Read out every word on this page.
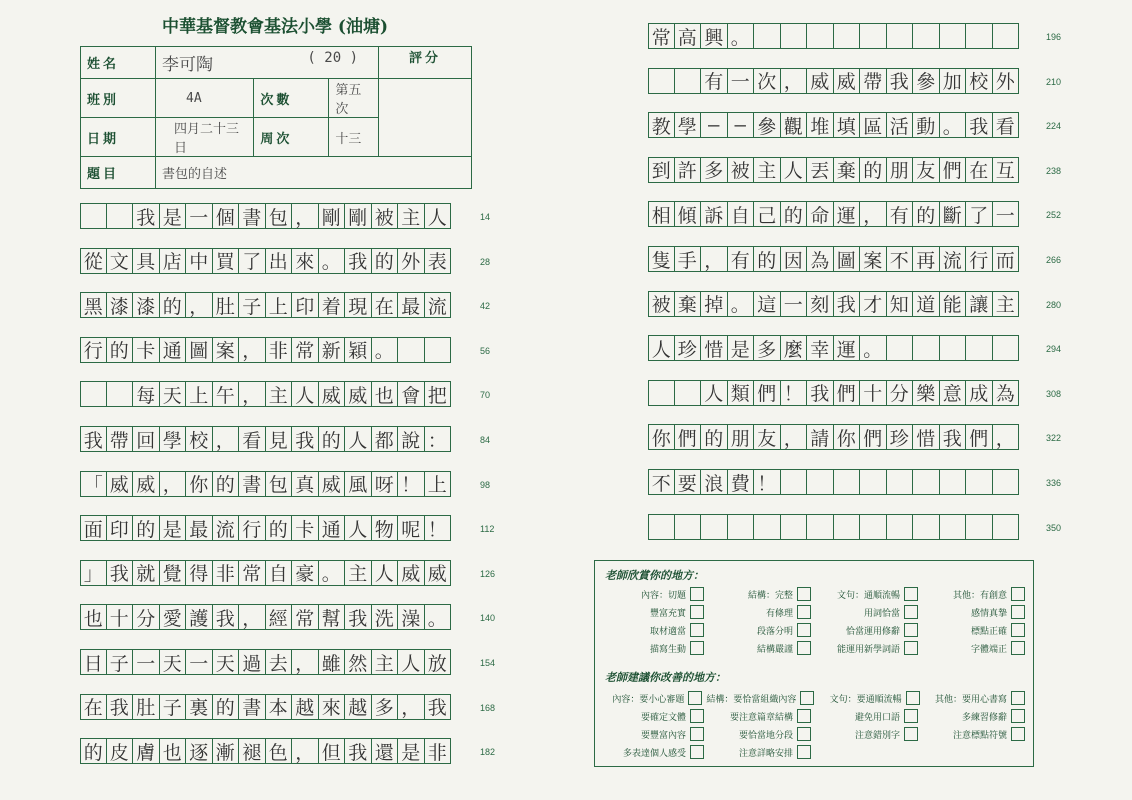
中華基督教會基法小學 (油塘)
姓名	李可陶 ( 20 )			評分
班別	4A	次數	第五次	
日期	四月二十三日	周次	十三	
題目	書包的自述			
我 是 一 個 書 包 ， 剛 剛 被 主 人	14
從 文 具 店 中 買 了 出 來 。 我 的 外 表	28
黑 漆 漆 的 ， 肚 子 上 印 着 現 在 最 流	42
行 的 卡 通 圖 案 ， 非 常 新 穎 。	56
每 天 上 午 ， 主 人 威 威 也 會 把	70
我 帶 回 學 校 ， 看 見 我 的 人 都 說 ：	84
「 威 威 ， 你 的 書 包 真 威 風 呀 ！ 上	98
面 印 的 是 最 流 行 的 卡 通 人 物 呢 ！	112
」 我 就 覺 得 非 常 自 豪 。 主 人 威 威	126
也 十 分 愛 護 我 ， 經 常 幫 我 洗 澡 。	140
日 子 一 天 一 天 過 去 ， 雖 然 主 人 放	154
在 我 肚 子 裏 的 書 本 越 來 越 多 ， 我	168
的 皮 膚 也 逐 漸 褪 色 ， 但 我 還 是 非	182
常 高 興 。	196
有 一 次 ， 威 威 帶 我 參 加 校 外	210
教 學 — — 參 觀 堆 填 區 活 動 。 我 看	224
到 許 多 被 主 人 丟 棄 的 朋 友 們 在 互	238
相 傾 訴 自 己 的 命 運 ， 有 的 斷 了 一	252
隻 手 ， 有 的 因 為 圖 案 不 再 流 行 而	266
被 棄 掉 。 這 一 刻 我 才 知 道 能 讓 主	280
人 珍 惜 是 多 麼 幸 運 。	294
人 類 們 ！ 我 們 十 分 樂 意 成 為	308
你 們 的 朋 友 ， 請 你 們 珍 惜 我 們 ，	322
不 要 浪 費 ！	336
350
老師欣賞你的地方：
內容：切題	結構：完整	文句：通順流暢	其他：有創意
豐富充實	有條理	用詞恰當	感情真摯
取材適當	段落分明	恰當運用修辭	標點正確
描寫生動	結構嚴謹	能運用新學詞語	字體端正
老師建議你改善的地方：
內容：要小心審題 結構：要恰當組織內容	文句：要通順流暢	其他：要用心書寫
要確定文體	要注意篇章結構	避免用口語	多練習修辭
要豐富內容	要恰當地分段	注意錯別字	注意標點符號
多表達個人感受	注意詳略安排
